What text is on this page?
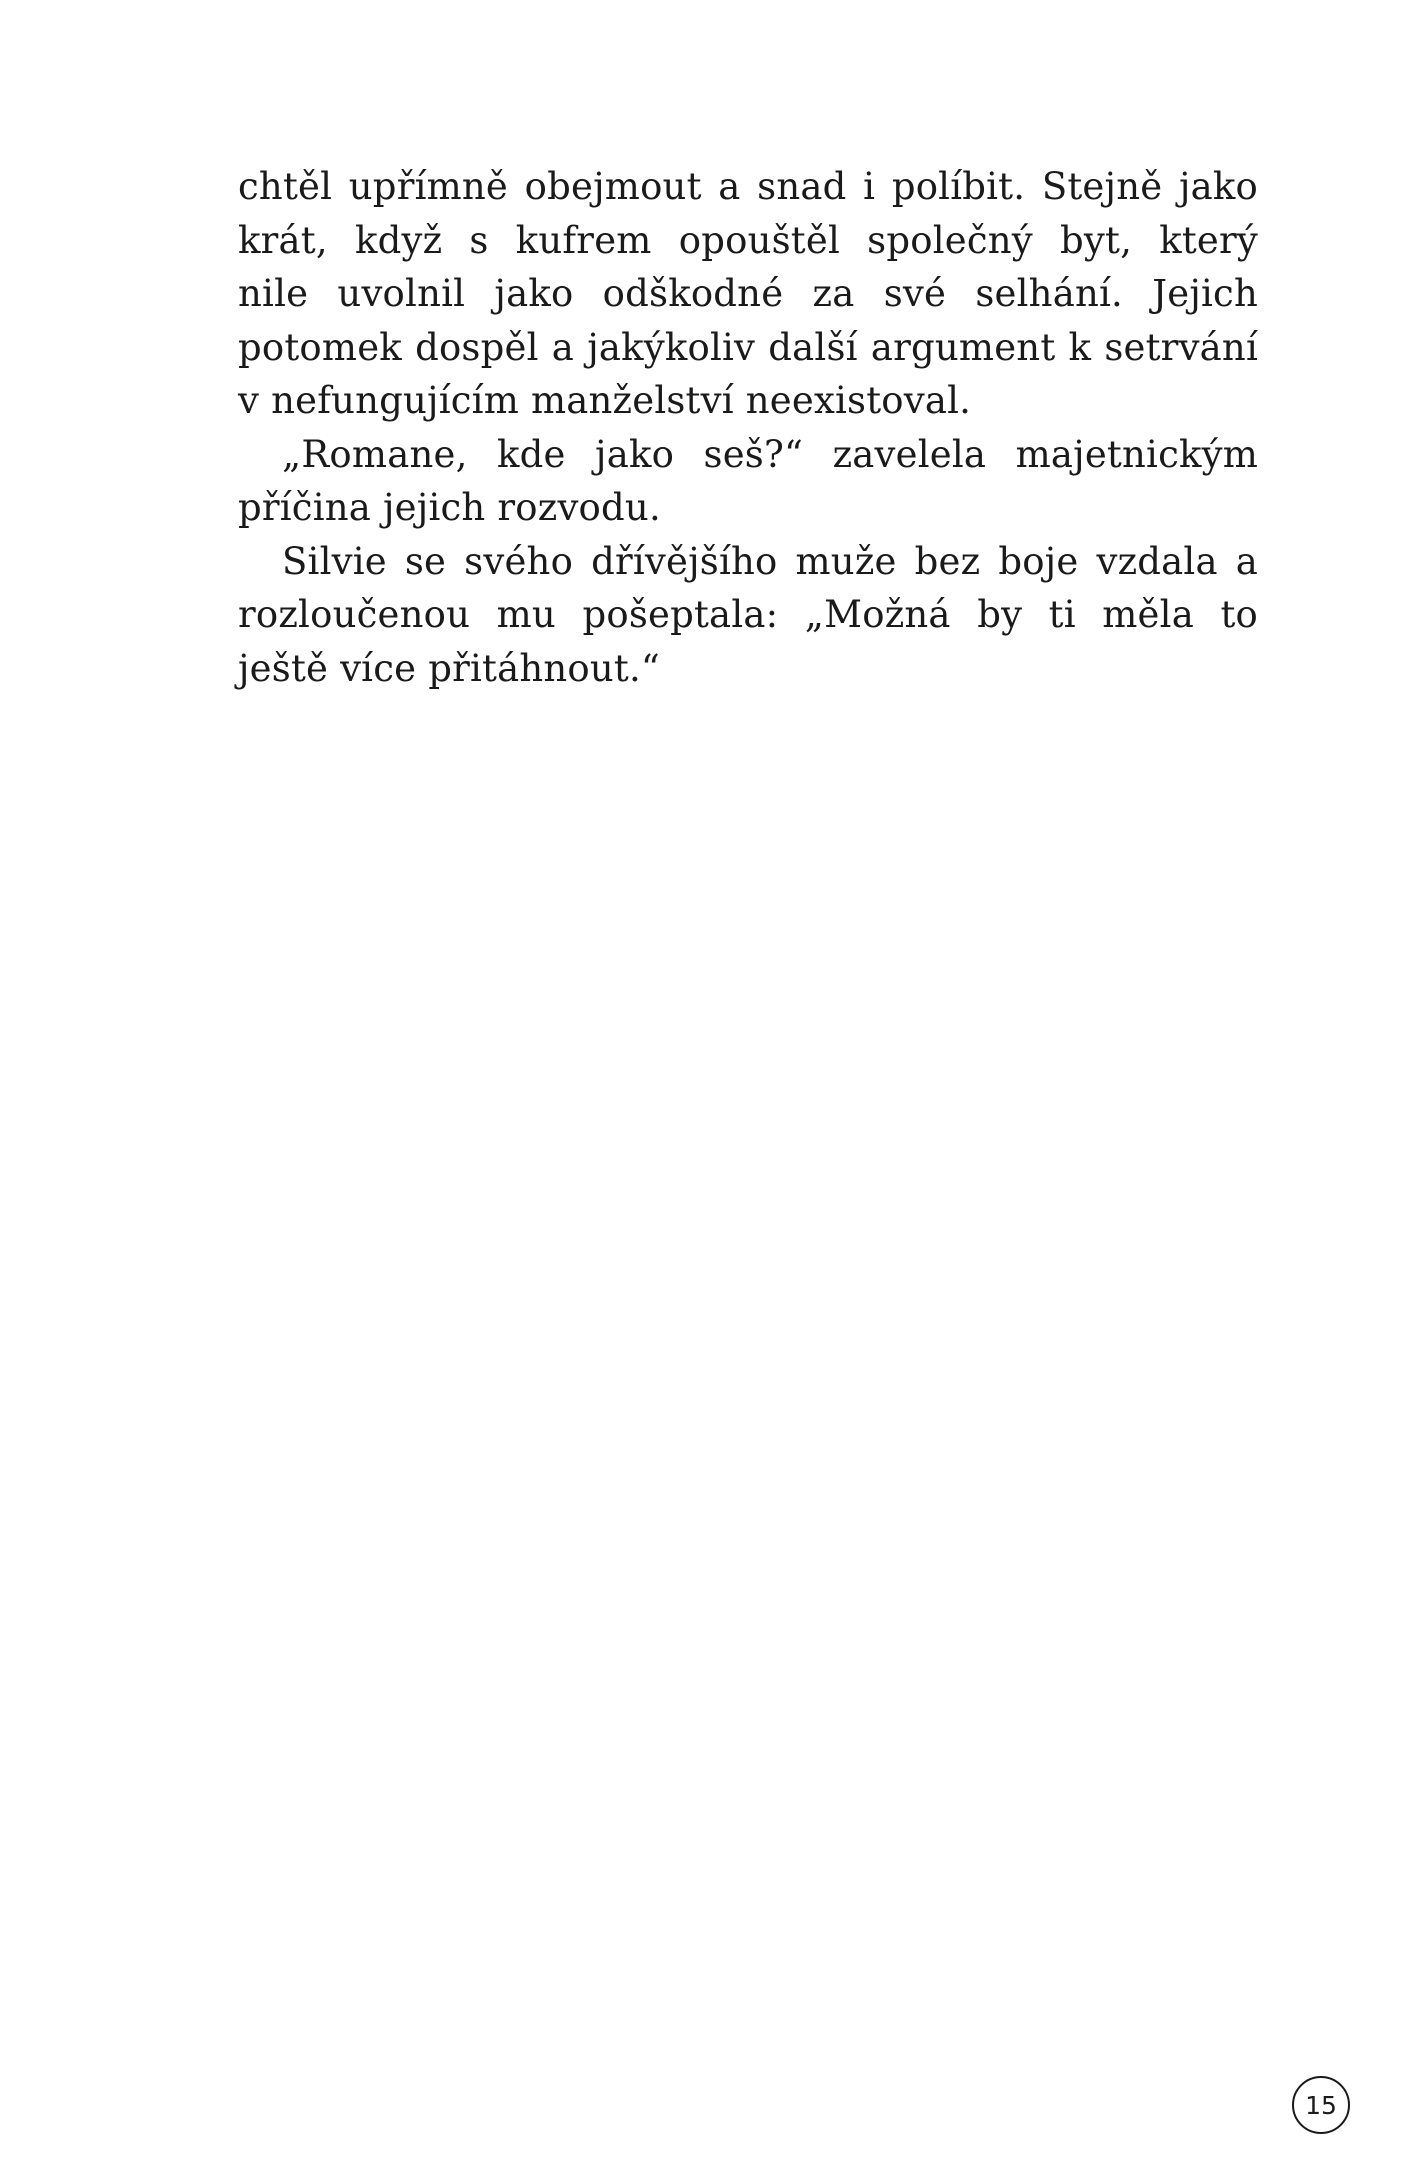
chtěl upřímně obejmout a snad i políbit. Stejně jako
krát, když s kufrem opouštěl společný byt, který
nile uvolnil jako odškodné za své selhání. Jejich
potomek dospěl a jakýkoliv další argument k setrvání
v nefungujícím manželství neexistoval.
„Romane, kde jako seš?“ zavelela majetnickým
příčina jejich rozvodu.
Silvie se svého dřívějšího muže bez boje vzdala a
rozloučenou mu pošeptala: „Možná by ti měla to
ještě více přitáhnout.“
15
